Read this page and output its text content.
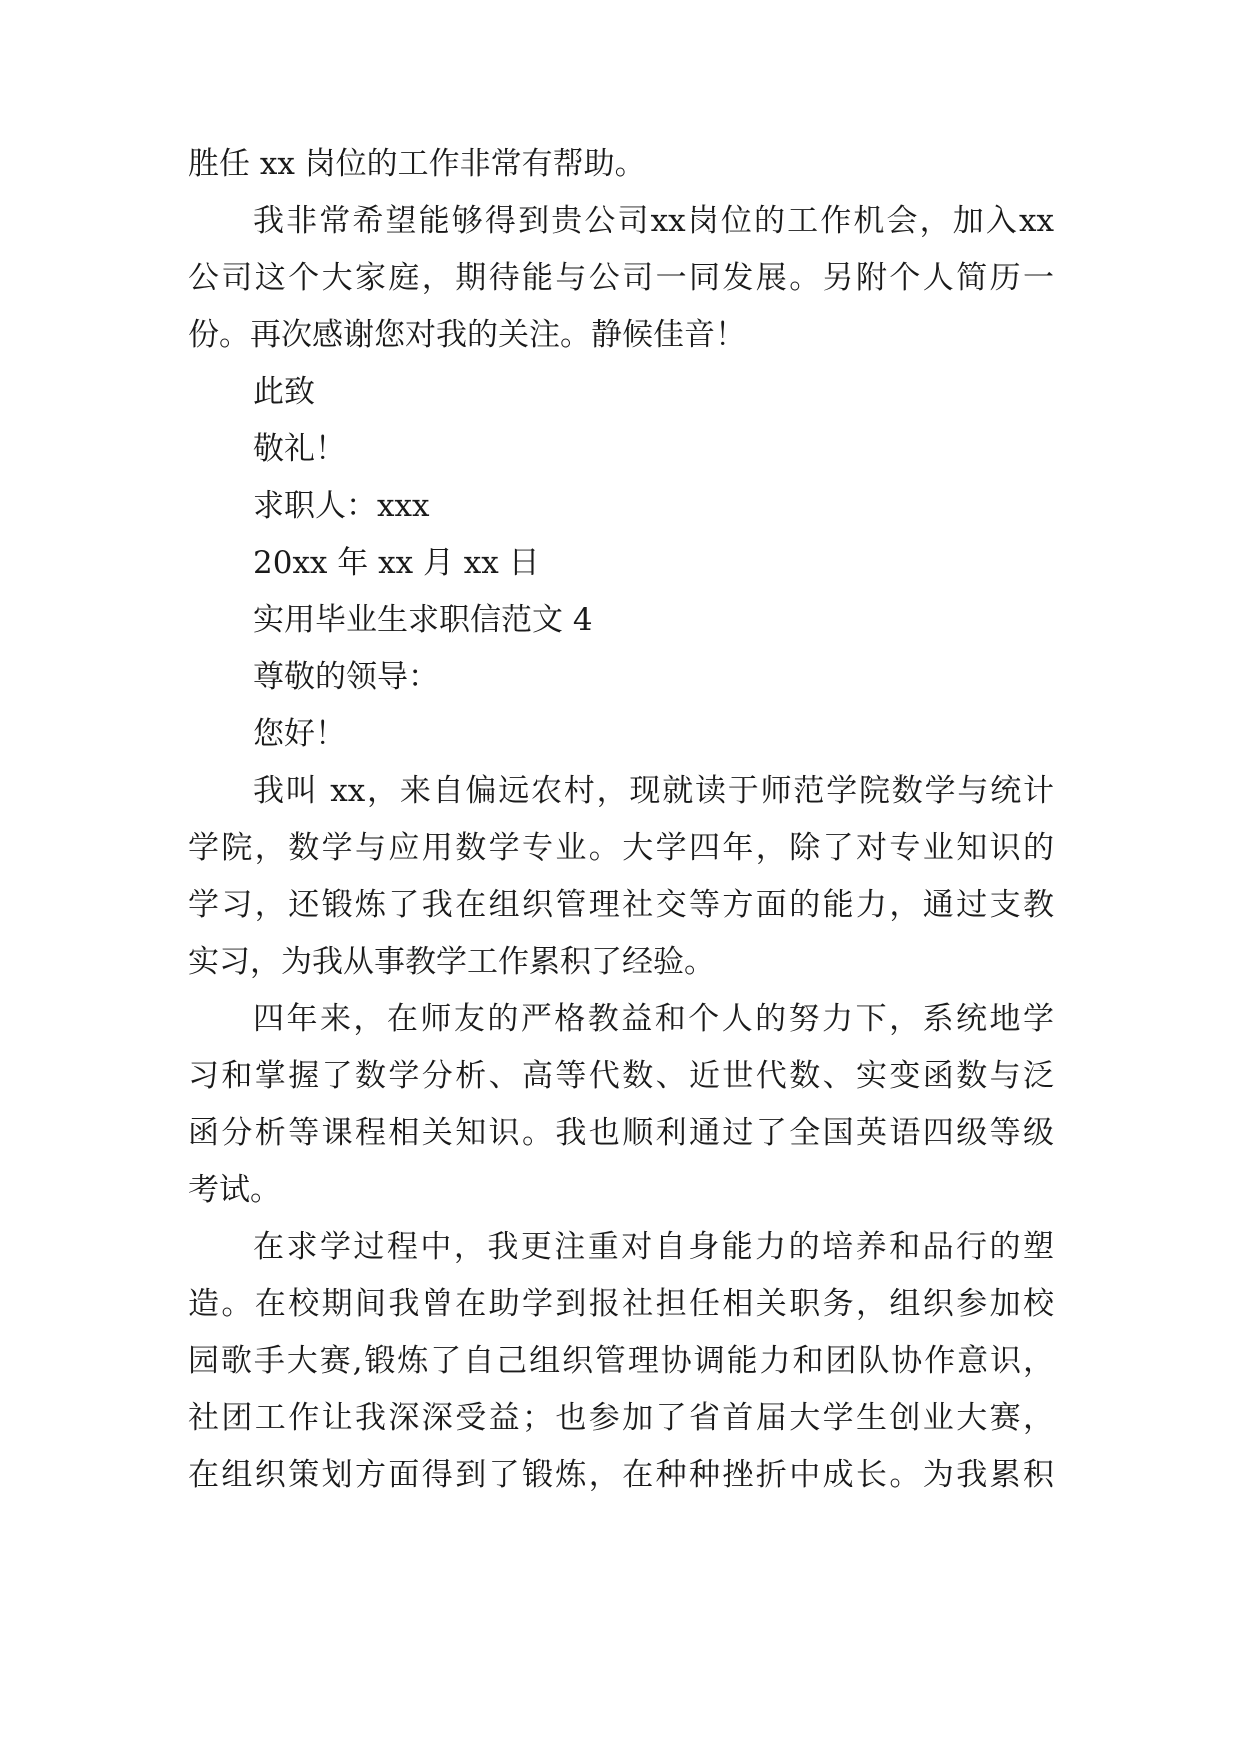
胜任 xx 岗位的工作非常有帮助。

我非常希望能够得到贵公司xx岗位的工作机会，加入xx

公司这个大家庭，期待能与公司一同发展。另附个人简历一

份。再次感谢您对我的关注。静候佳音！

此致

敬礼！

求职人：xxx

20xx 年 xx 月 xx 日

实用毕业生求职信范文 4

尊敬的领导：

您好！

我叫 xx，来自偏远农村，现就读于师范学院数学与统计

学院，数学与应用数学专业。大学四年，除了对专业知识的

学习，还锻炼了我在组织管理社交等方面的能力，通过支教

实习，为我从事教学工作累积了经验。

四年来，在师友的严格教益和个人的努力下，系统地学

习和掌握了数学分析、高等代数、近世代数、实变函数与泛

函分析等课程相关知识。我也顺利通过了全国英语四级等级

考试。

在求学过程中，我更注重对自身能力的培养和品行的塑

造。在校期间我曾在助学到报社担任相关职务，组织参加校

园歌手大赛,锻炼了自己组织管理协调能力和团队协作意识，

社团工作让我深深受益；也参加了省首届大学生创业大赛，

在组织策划方面得到了锻炼，在种种挫折中成长。为我累积
